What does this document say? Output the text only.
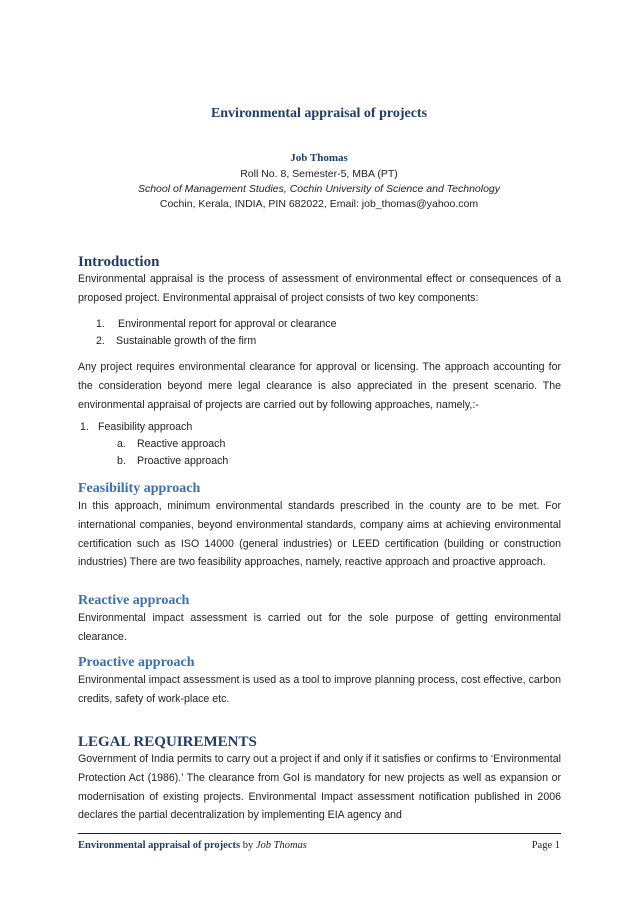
Environmental appraisal of projects
Job Thomas
Roll No. 8, Semester-5, MBA (PT)
School of Management Studies, Cochin University of Science and Technology
Cochin, Kerala, INDIA, PIN 682022, Email: job_thomas@yahoo.com
Introduction

Environmental appraisal is the process of assessment of environmental effect or consequences of a proposed project. Environmental appraisal of project consists of two key components:

1. Environmental report for approval or clearance
2. Sustainable growth of the firm

Any project requires environmental clearance for approval or licensing. The approach accounting for the consideration beyond mere legal clearance is also appreciated in the present scenario. The environmental appraisal of projects are carried out by following approaches, namely,:-

1. Feasibility approach
a. Reactive approach
b. Proactive approach
Feasibility approach

In this approach, minimum environmental standards prescribed in the county are to be met. For international companies, beyond environmental standards, company aims at achieving environmental certification such as ISO 14000 (general industries) or LEED certification (building or construction industries) There are two feasibility approaches, namely, reactive approach and proactive approach.

Reactive approach

Environmental impact assessment is carried out for the sole purpose of getting environmental clearance.

Proactive approach

Environmental impact assessment is used as a tool to improve planning process, cost effective, carbon credits, safety of work-place etc.

LEGAL REQUIREMENTS

Government of India permits to carry out a project if and only if it satisfies or confirms to ‘Environmental Protection Act (1986).’ The clearance from GoI is mandatory for new projects as well as expansion or modernisation of existing projects. Environmental Impact assessment notification published in 2006 declares the partial decentralization by implementing EIA agency and

Environmental appraisal of projects by Job Thomas	Page 1
